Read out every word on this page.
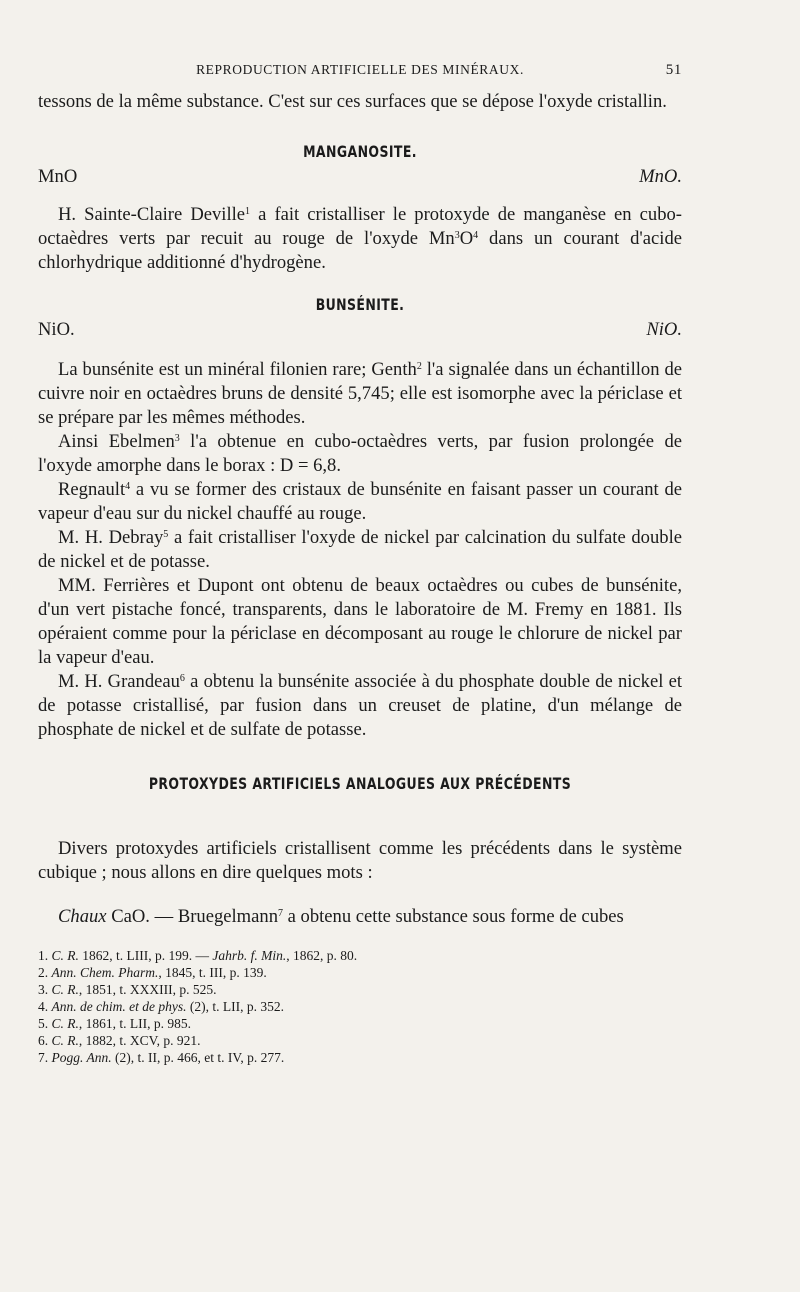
REPRODUCTION ARTIFICIELLE DES MINÉRAUX.	51

tessons de la même substance. C'est sur ces surfaces que se dépose l'oxyde cristallin.

MANGANOSITE.
MnO	MnO.

H. Sainte-Claire Deville$^1$ a fait cristalliser le protoxyde de manganèse en cubo-octaèdres verts par recuit au rouge de l'oxyde $Mn^3O^4$ dans un courant d'acide chlorhydrique additionné d'hydrogène.

BUNSÉNITE.
NiO.	NiO.

La bunsénite est un minéral filonien rare; Genth$^2$ l'a signalée dans un échantillon de cuivre noir en octaèdres bruns de densité 5,745; elle est isomorphe avec la périclase et se prépare par les mêmes méthodes.

Ainsi Ebelmen$^3$ l'a obtenue en cubo-octaèdres verts, par fusion prolongée de l'oxyde amorphe dans le borax : D = 6,8.

Regnault$^4$ a vu se former des cristaux de bunsénite en faisant passer un courant de vapeur d'eau sur du nickel chauffé au rouge.

M. H. Debray$^5$ a fait cristalliser l'oxyde de nickel par calcination du sulfate double de nickel et de potasse.

MM. Ferrières et Dupont ont obtenu de beaux octaèdres ou cubes de bunsénite, d'un vert pistache foncé, transparents, dans le laboratoire de M. Fremy en 1881. Ils opéraient comme pour la périclase en décomposant au rouge le chlorure de nickel par la vapeur d'eau.

M. H. Grandeau$^6$ a obtenu la bunsénite associée à du phosphate double de nickel et de potasse cristallisé, par fusion dans un creuset de platine, d'un mélange de phosphate de nickel et de sulfate de potasse.

PROTOXYDES ARTIFICIELS ANALOGUES AUX PRÉCÉDENTS

Divers protoxydes artificiels cristallisent comme les précédents dans le système cubique ; nous allons en dire quelques mots :

Chaux CaO. — Bruegelmann$^7$ a obtenu cette substance sous forme de cubes

1. C. R. 1862, t. LIII, p. 199. — Jahrb. f. Min., 1862, p. 80.
2. Ann. Chem. Pharm., 1845, t. III, p. 139.
3. C. R., 1851, t. XXXIII, p. 525.
4. Ann. de chim. et de phys. (2), t. LII, p. 352.
5. C. R., 1861, t. LII, p. 985.
6. C. R., 1882, t. XCV, p. 921.
7. Pogg. Ann. (2), t. II, p. 466, et t. IV, p. 277.
